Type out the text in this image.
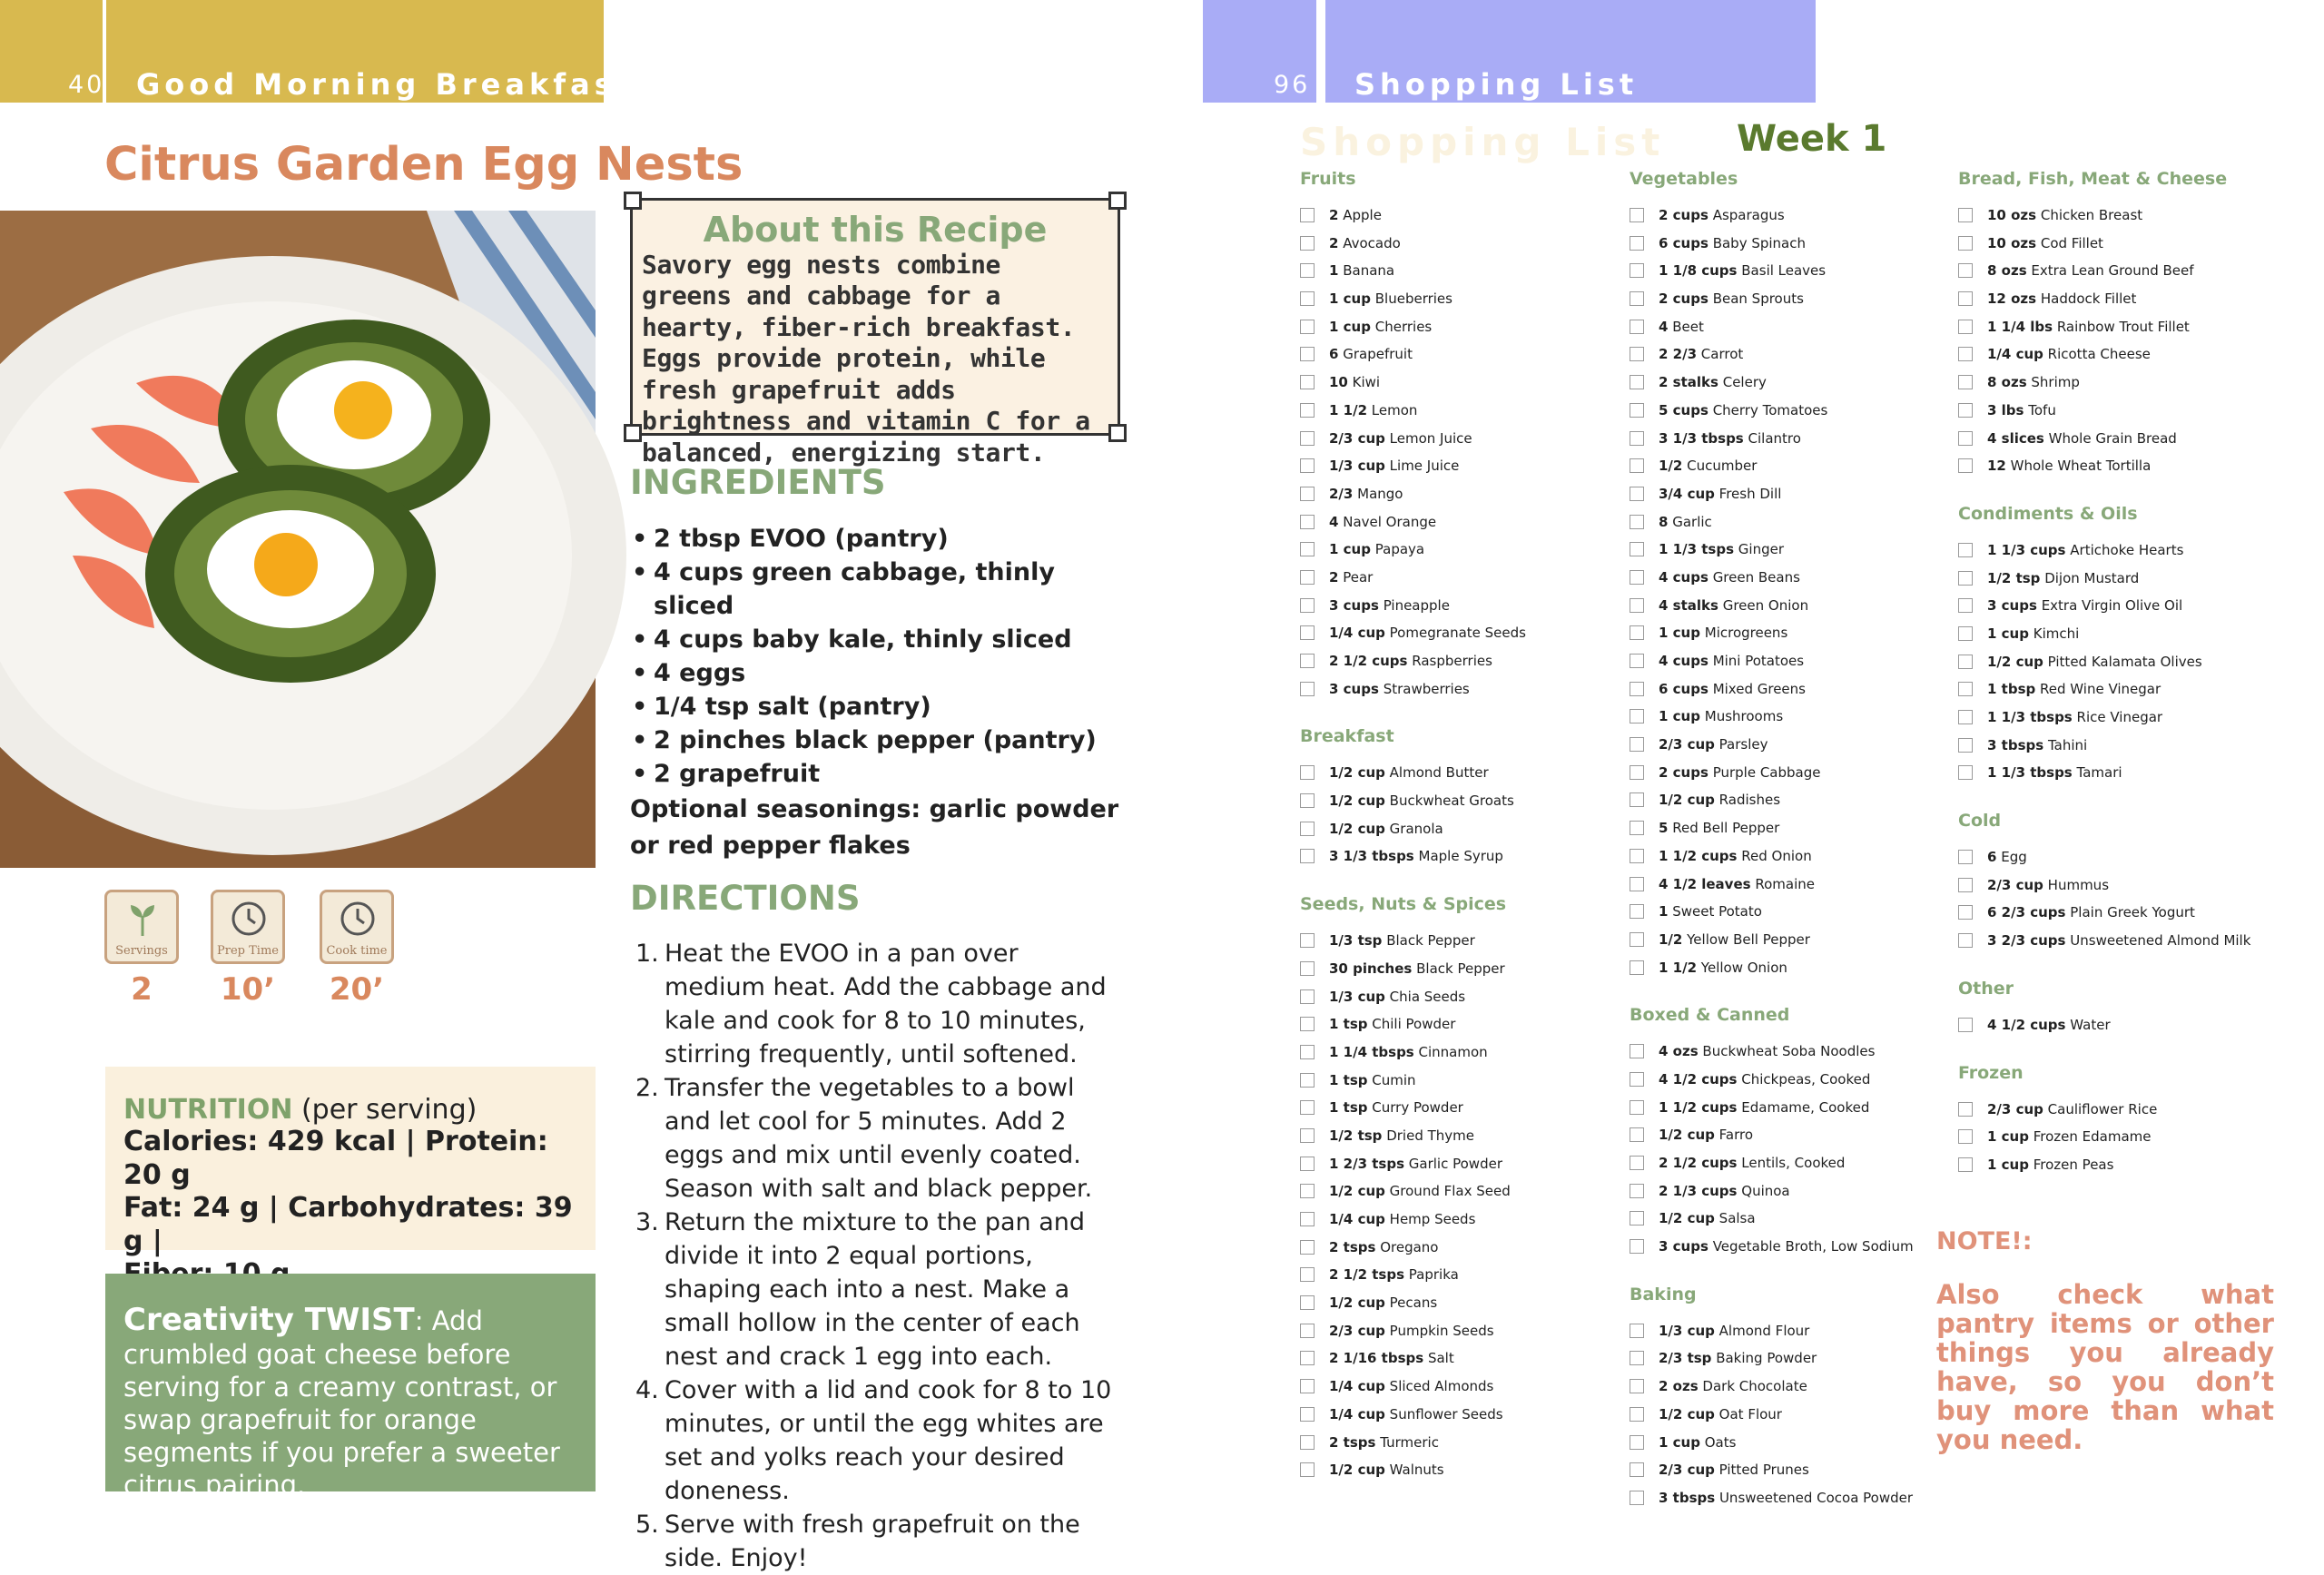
40 Good Morning Breakfast
Citrus Garden Egg Nests
Servings
2
Prep Time
10’
Cook time
20’
NUTRITION (per serving)
Calories: 429 kcal | Protein: 20 g
Fat: 24 g | Carbohydrates: 39 g |
Creativity TWIST: Add crumbled goat cheese before serving for a creamy contrast, or swap grapefruit for orange segments if you prefer a sweeter citrus pairing.
About this Recipe
Savory egg nests combine greens and cabbage for a hearty, fiber-rich breakfast. Eggs provide protein, while fresh grapefruit adds brightness and vitamin C for a balanced, energizing start.
INGREDIENTS
• 2 tbsp EVOO (pantry)
• 4 cups green cabbage, thinly sliced
• 4 cups baby kale, thinly sliced
• 4 eggs
• 1/4 tsp salt (pantry)
• 2 pinches black pepper (pantry)
• 2 grapefruit
Optional seasonings: garlic powder or red pepper flakes
DIRECTIONS
1. Heat the EVOO in a pan over medium heat. Add the cabbage and kale and cook for 8 to 10 minutes, stirring frequently, until softened.
2. Transfer the vegetables to a bowl and let cool for 5 minutes. Add 2 eggs and mix until evenly coated. Season with salt and black pepper.
3. Return the mixture to the pan and divide it into 2 equal portions, shaping each into a nest. Make a small hollow in the center of each nest and crack 1 egg into each.
4. Cover with a lid and cook for 8 to 10 minutes, or until the egg whites are set and yolks reach your desired doneness.
5. Serve with fresh grapefruit on the side. Enjoy!
96 Shopping List
Shopping List Week 1
Fruits
2 Apple
2 Avocado
1 Banana
1 cup Blueberries
1 cup Cherries
6 Grapefruit
10 Kiwi
1 1/2 Lemon
2/3 cup Lemon Juice
1/3 cup Lime Juice
2/3 Mango
4 Navel Orange
1 cup Papaya
2 Pear
3 cups Pineapple
1/4 cup Pomegranate Seeds
2 1/2 cups Raspberries
3 cups Strawberries
Breakfast
1/2 cup Almond Butter
1/2 cup Buckwheat Groats
1/2 cup Granola
3 1/3 tbsps Maple Syrup
Seeds, Nuts & Spices
1/3 tsp Black Pepper
30 pinches Black Pepper
1/3 cup Chia Seeds
1 tsp Chili Powder
1 1/4 tbsps Cinnamon
1 tsp Cumin
1 tsp Curry Powder
1/2 tsp Dried Thyme
1 2/3 tsps Garlic Powder
1/2 cup Ground Flax Seed
1/4 cup Hemp Seeds
2 tsps Oregano
2 1/2 tsps Paprika
1/2 cup Pecans
2/3 cup Pumpkin Seeds
2 1/16 tbsps Salt
1/4 cup Sliced Almonds
1/4 cup Sunflower Seeds
2 tsps Turmeric
1/2 cup Walnuts
Vegetables
2 cups Asparagus
6 cups Baby Spinach
1 1/8 cups Basil Leaves
2 cups Bean Sprouts
4 Beet
2 2/3 Carrot
2 stalks Celery
5 cups Cherry Tomatoes
3 1/3 tbsps Cilantro
1/2 Cucumber
3/4 cup Fresh Dill
8 Garlic
1 1/3 tsps Ginger
4 cups Green Beans
4 stalks Green Onion
1 cup Microgreens
4 cups Mini Potatoes
6 cups Mixed Greens
1 cup Mushrooms
2/3 cup Parsley
2 cups Purple Cabbage
1/2 cup Radishes
5 Red Bell Pepper
1 1/2 cups Red Onion
4 1/2 leaves Romaine
1 Sweet Potato
1/2 Yellow Bell Pepper
1 1/2 Yellow Onion
Boxed & Canned
4 ozs Buckwheat Soba Noodles
4 1/2 cups Chickpeas, Cooked
1 1/2 cups Edamame, Cooked
1/2 cup Farro
2 1/2 cups Lentils, Cooked
2 1/3 cups Quinoa
1/2 cup Salsa
3 cups Vegetable Broth, Low Sodium
Baking
1/3 cup Almond Flour
2/3 tsp Baking Powder
2 ozs Dark Chocolate
1/2 cup Oat Flour
1 cup Oats
2/3 cup Pitted Prunes
3 tbsps Unsweetened Cocoa Powder
Bread, Fish, Meat & Cheese
10 ozs Chicken Breast
10 ozs Cod Fillet
8 ozs Extra Lean Ground Beef
12 ozs Haddock Fillet
1 1/4 lbs Rainbow Trout Fillet
1/4 cup Ricotta Cheese
8 ozs Shrimp
3 lbs Tofu
4 slices Whole Grain Bread
12 Whole Wheat Tortilla
Condiments & Oils
1 1/3 cups Artichoke Hearts
1/2 tsp Dijon Mustard
3 cups Extra Virgin Olive Oil
1 cup Kimchi
1/2 cup Pitted Kalamata Olives
1 tbsp Red Wine Vinegar
1 1/3 tbsps Rice Vinegar
3 tbsps Tahini
1 1/3 tbsps Tamari
Cold
6 Egg
2/3 cup Hummus
6 2/3 cups Plain Greek Yogurt
3 2/3 cups Unsweetened Almond Milk
Other
4 1/2 cups Water
Frozen
2/3 cup Cauliflower Rice
1 cup Frozen Edamame
1 cup Frozen Peas
NOTE!:
Also check what pantry items or other things you already have, so you don’t buy more than what you need.
